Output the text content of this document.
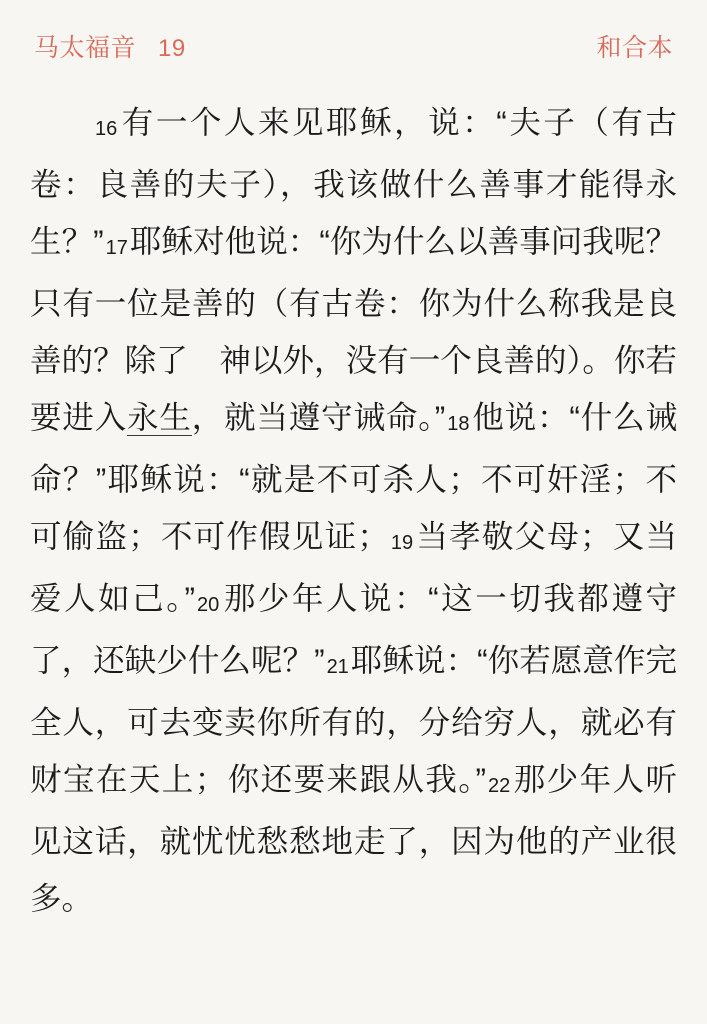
马太福音 19	和合本
16有一个人来见耶稣，说：“夫子（有古卷：良善的夫子），我该做什么善事才能得永生？” 17耶稣对他说：“你为什么以善事问我呢？只有一位是善的（有古卷：你为什么称我是良善的？除了　神以外，没有一个良善的）。你若要进入永生，就当遵守诫命。” 18他说：“什么诫命？”耶稣说：“就是不可杀人；不可奸淫；不可偷盗；不可作假见证； 19当孝敬父母；又当爱人如己。” 20那少年人说：“这一切我都遵守了，还缺少什么呢？” 21耶稣说：“你若愿意作完全人，可去变卖你所有的，分给穷人，就必有财宝在天上；你还要来跟从我。” 22那少年人听见这话，就忧忧愁愁地走了，因为他的产业很多。
